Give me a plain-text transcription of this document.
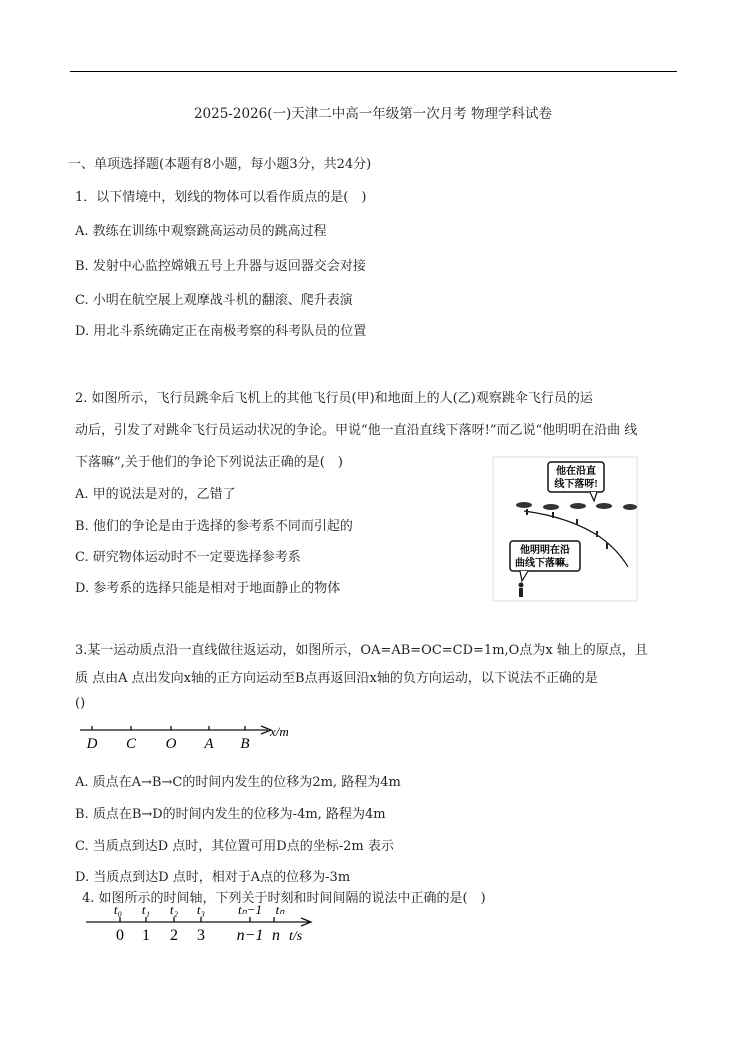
2025-2026(一)天津二中高一年级第一次月考 物理学科试卷
一、单项选择题(本题有8小题，每小题3分，共24分)
1．以下情境中，划线的物体可以看作质点的是(　)
A. 教练在训练中观察跳高运动员的跳高过程
B. 发射中心监控嫦娥五号上升器与返回器交会对接
C. 小明在航空展上观摩战斗机的翻滚、爬升表演
D. 用北斗系统确定正在南极考察的科考队员的位置
2. 如图所示，飞行员跳伞后飞机上的其他飞行员(甲)和地面上的人(乙)观察跳伞飞行员的运
动后，引发了对跳伞飞行员运动状况的争论。甲说“他一直沿直线下落呀!”而乙说“他明明在沿曲 线
下落嘛”,关于他们的争论下列说法正确的是(　)
A. 甲的说法是对的，乙错了
B. 他们的争论是由于选择的参考系不同而引起的
C. 研究物体运动时不一定要选择参考系
D. 参考系的选择只能是相对于地面静止的物体
他在沿直
线下落呀!
他明明在沿
曲线下落嘛。
3.某一运动质点沿一直线做往返运动，如图所示，OA=AB=OC=CD=1m,O点为x 轴上的原点，且
质 点由A 点出发向x轴的正方向运动至B点再返回沿x轴的负方向运动，以下说法不正确的是
()
D C O A B
x/m
A. 质点在A→B→C的时间内发生的位移为2m, 路程为4m
B. 质点在B→D的时间内发生的位移为-4m, 路程为4m
C. 当质点到达D 点时，其位置可用D点的坐标-2m 表示
D. 当质点到达D 点时，相对于A点的位移为-3m
4. 如图所示的时间轴，下列关于时刻和时间间隔的说法中正确的是(　)
t₀ t₁ t₂ t₃	tₙ−1 tₙ
0 1 2 3 n−1 n t/s
